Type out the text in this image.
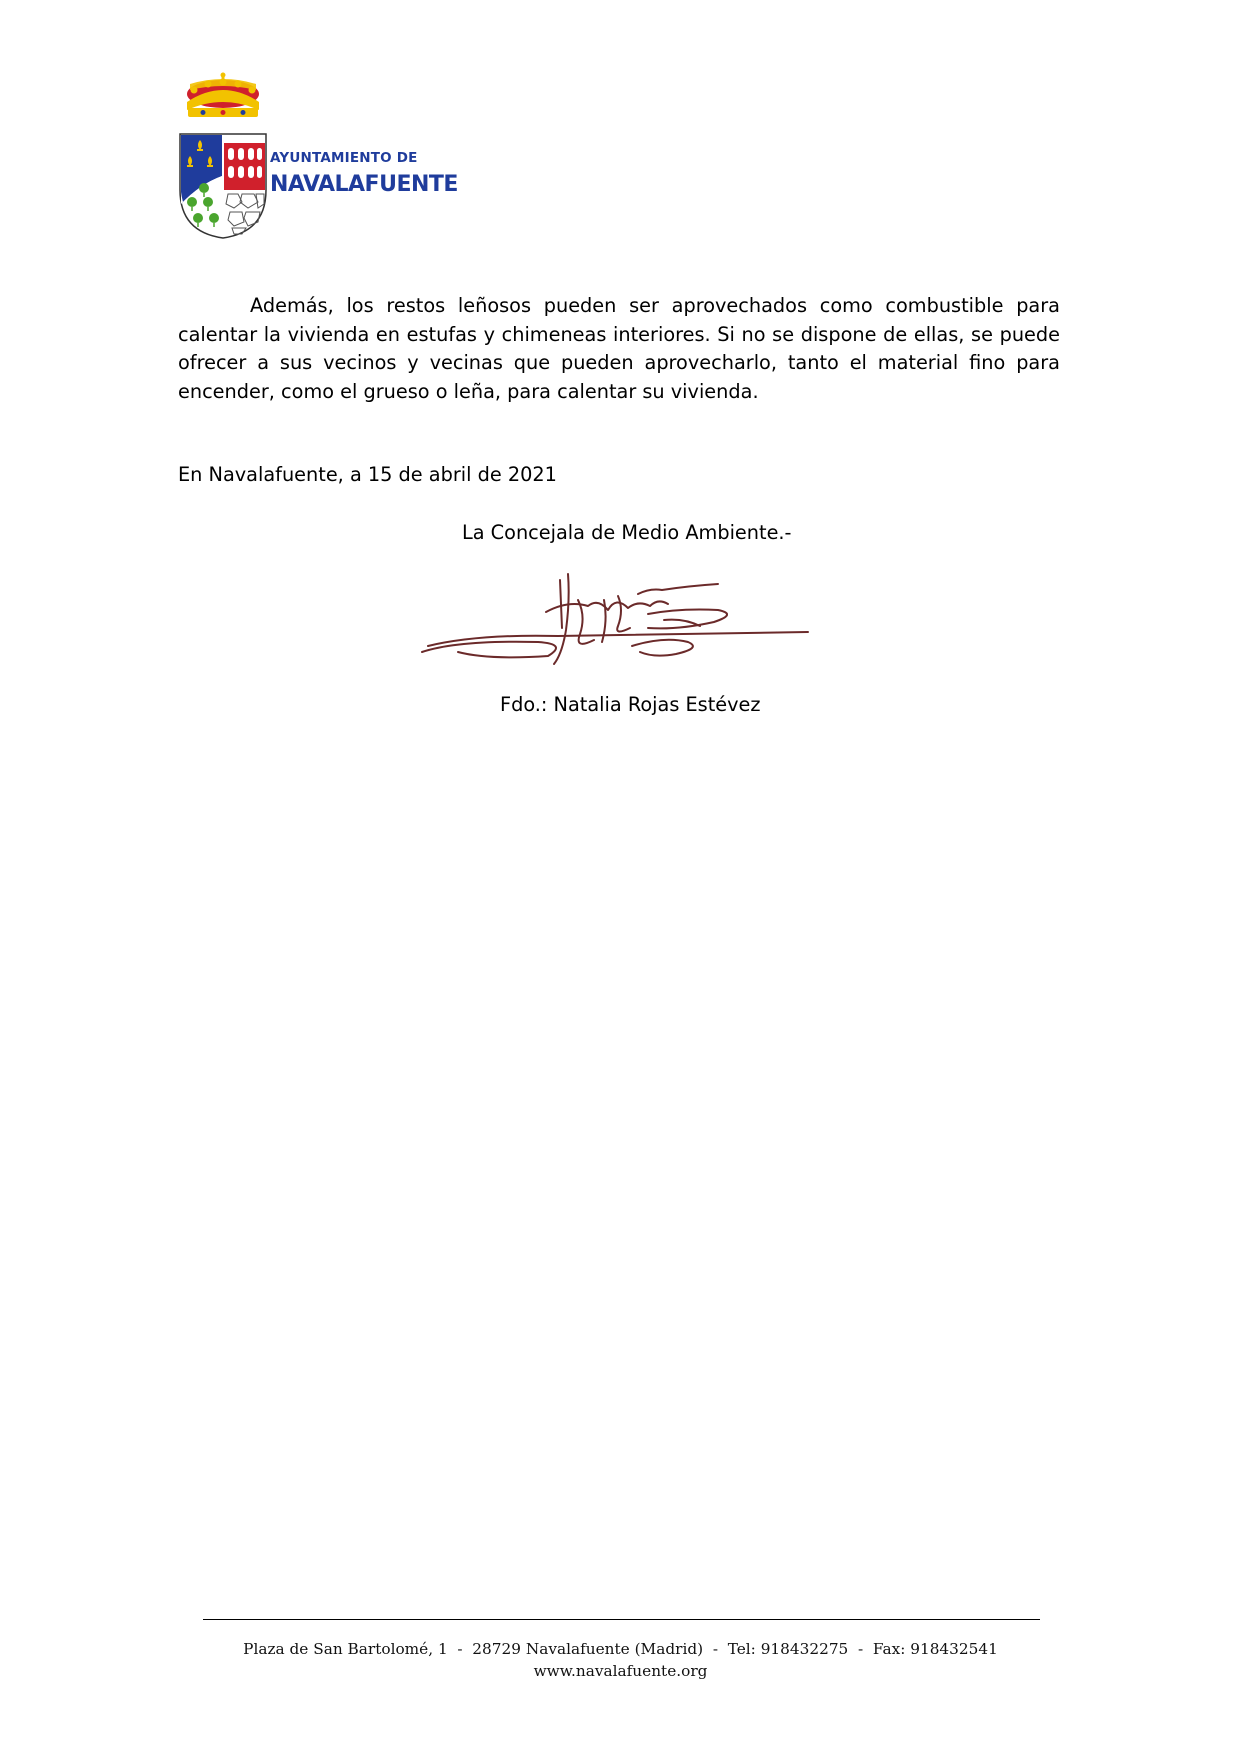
AYUNTAMIENTO DE
NAVALAFUENTE

Además, los restos leñosos pueden ser aprovechados como combustible para calentar la vivienda en estufas y chimeneas interiores. Si no se dispone de ellas, se puede ofrecer a sus vecinos y vecinas que pueden aprovecharlo, tanto el material fino para encender, como el grueso o leña, para calentar su vivienda.

En Navalafuente, a 15 de abril de 2021

La Concejala de Medio Ambiente.-

Fdo.: Natalia Rojas Estévez

Plaza de San Bartolomé, 1  -  28729 Navalafuente (Madrid)  -  Tel: 918432275  -  Fax: 918432541

www.navalafuente.org
